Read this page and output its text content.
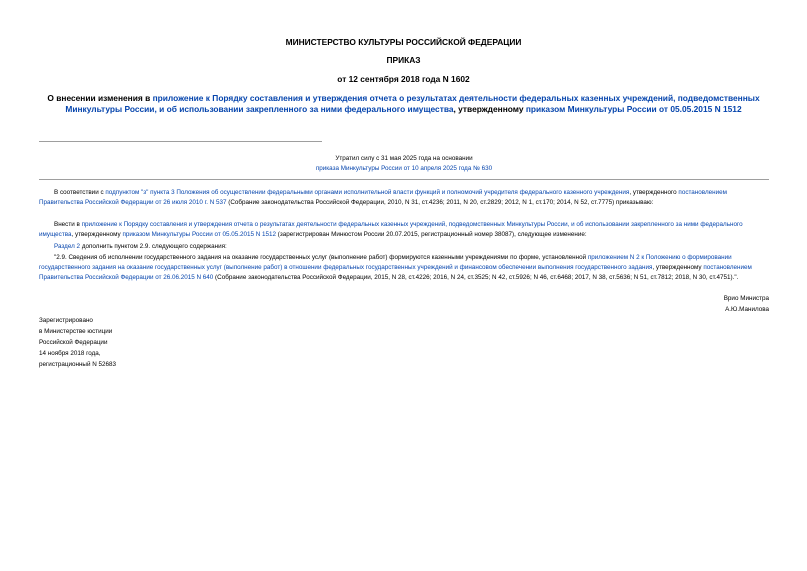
МИНИСТЕРСТВО КУЛЬТУРЫ РОССИЙСКОЙ ФЕДЕРАЦИИ
ПРИКАЗ
от 12 сентября 2018 года N 1602
О внесении изменения в приложение к Порядку составления и утверждения отчета о результатах деятельности федеральных казенных учреждений, подведомственных Минкультуры России, и об использовании закрепленного за ними федерального имущества, утвержденному приказом Минкультуры России от 05.05.2015 N 1512
Утратил силу с 31 мая 2025 года на основании
приказа Минкультуры России от 10 апреля 2025 года № 630

В соответствии с подпунктом "з" пункта 3 Положения об осуществлении федеральными органами исполнительной власти функций и полномочий учредителя федерального казенного учреждения, утвержденного постановлением Правительства Российской Федерации от 26 июля 2010 г. N 537 (Собрание законодательства Российской Федерации, 2010, N 31, ст.4236; 2011, N 20, ст.2829; 2012, N 1, ст.170; 2014, N 52, ст.7775) приказываю:

Внести в приложение к Порядку составления и утверждения отчета о результатах деятельности федеральных казенных учреждений, подведомственных Минкультуры России, и об использовании закрепленного за ними федерального имущества, утвержденному приказом Минкультуры России от 05.05.2015 N 1512 (зарегистрирован Минюстом России 20.07.2015, регистрационный номер 38087), следующее изменение:

Раздел 2 дополнить пунктом 2.9. следующего содержания:

"2.9. Сведения об исполнении государственного задания на оказание государственных услуг (выполнение работ) формируются казенными учреждениями по форме, установленной приложением N 2 к Положению о формировании государственного задания на оказание государственных услуг (выполнение работ) в отношении федеральных государственных учреждений и финансовом обеспечении выполнения государственного задания, утвержденному постановлением Правительства Российской Федерации от 26.06.2015 N 640 (Собрание законодательства Российской Федерации, 2015, N 28, ст.4226; 2016, N 24, ст.3525; N 42, ст.5926; N 46, ст.6468; 2017, N 38, ст.5636; N 51, ст.7812; 2018, N 30, ст.4751).".

Врио Министра
А.Ю.Манилова
Зарегистрировано
в Министерстве юстиции
Российской Федерации
14 ноября 2018 года,
регистрационный N 52683
